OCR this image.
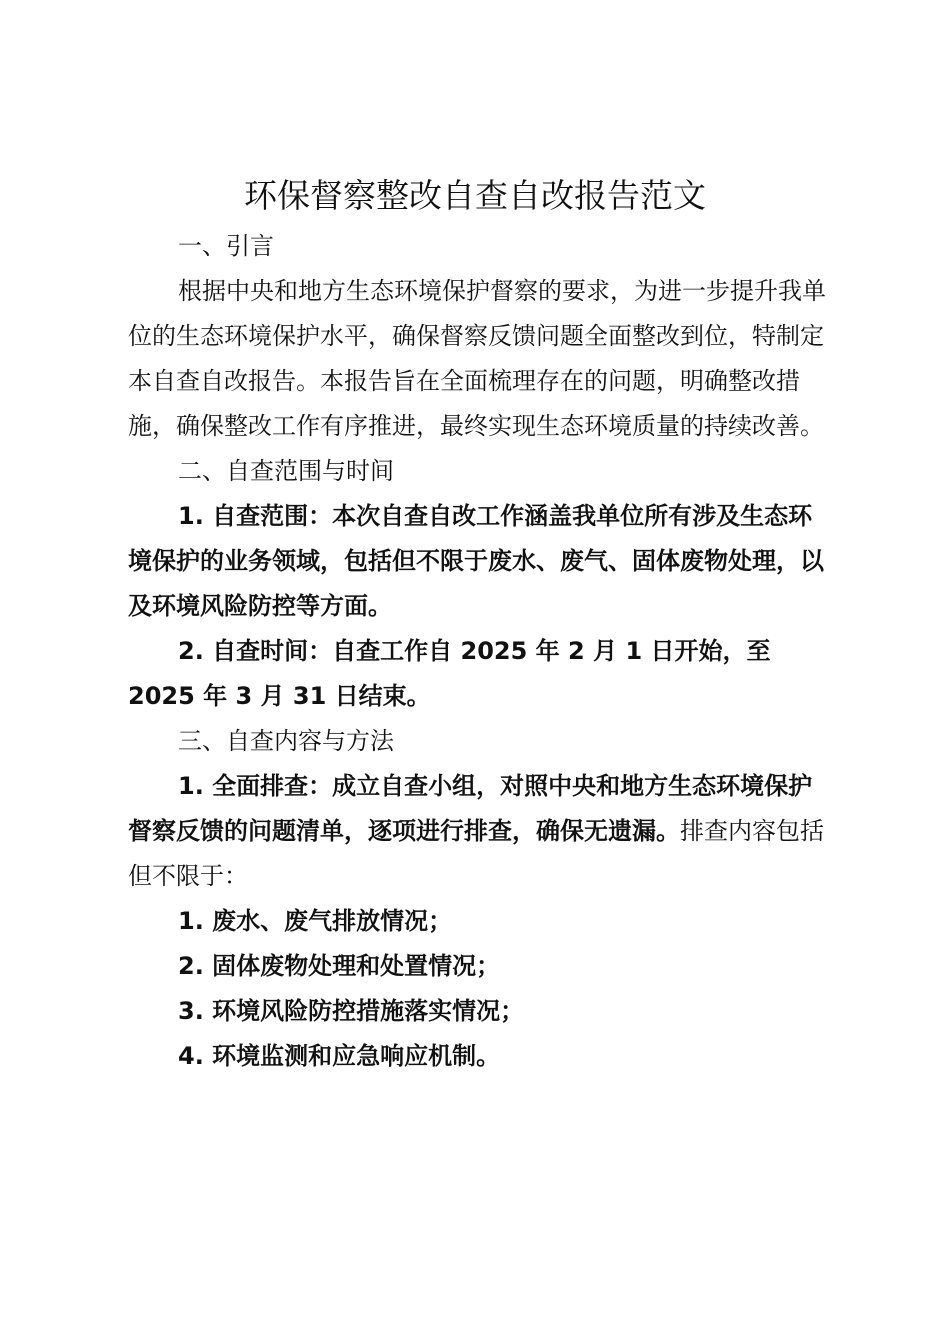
环保督察整改自查自改报告范文

一、引言

根据中央和地方生态环境保护督察的要求，为进一步提升我单位的生态环境保护水平，确保督察反馈问题全面整改到位，特制定本自查自改报告。本报告旨在全面梳理存在的问题，明确整改措施，确保整改工作有序推进，最终实现生态环境质量的持续改善。

二、自查范围与时间

1. 自查范围：本次自查自改工作涵盖我单位所有涉及生态环境保护的业务领域，包括但不限于废水、废气、固体废物处理，以及环境风险防控等方面。

2. 自查时间：自查工作自 2025 年 2 月 1 日开始，至 2025 年 3 月 31 日结束。

三、自查内容与方法

1. 全面排查：成立自查小组，对照中央和地方生态环境保护督察反馈的问题清单，逐项进行排查，确保无遗漏。排查内容包括但不限于：

1. 废水、废气排放情况；

2. 固体废物处理和处置情况；

3. 环境风险防控措施落实情况；

4. 环境监测和应急响应机制。
